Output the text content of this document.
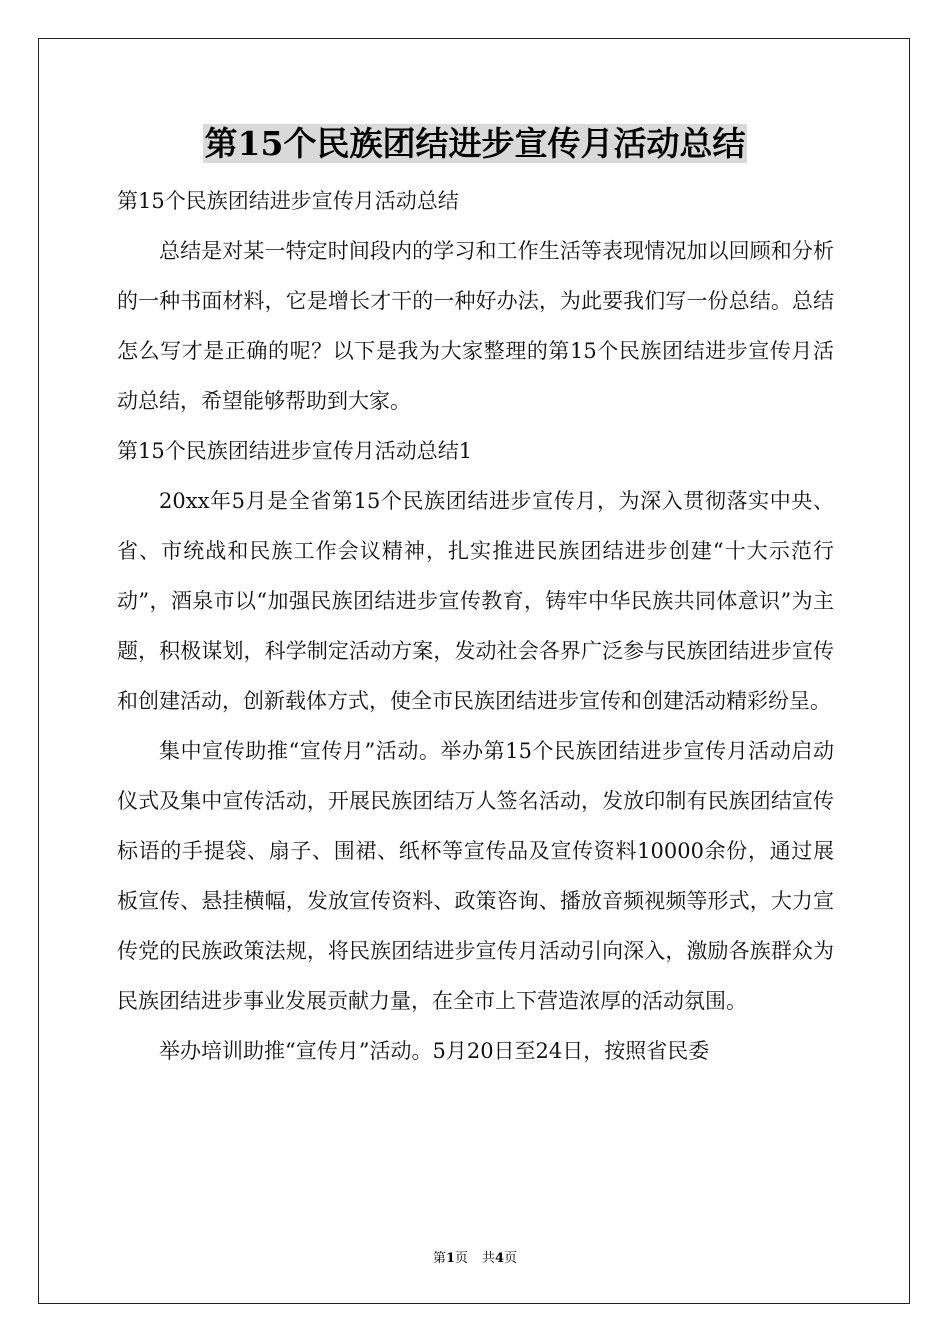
第15个民族团结进步宣传月活动总结

第15个民族团结进步宣传月活动总结

总结是对某一特定时间段内的学习和工作生活等表现情况加以回顾和分析的一种书面材料，它是增长才干的一种好办法，为此要我们写一份总结。总结怎么写才是正确的呢？以下是我为大家整理的第15个民族团结进步宣传月活动总结，希望能够帮助到大家。

第15个民族团结进步宣传月活动总结1

20xx年5月是全省第15个民族团结进步宣传月，为深入贯彻落实中央、省、市统战和民族工作会议精神，扎实推进民族团结进步创建“十大示范行动”，酒泉市以“加强民族团结进步宣传教育，铸牢中华民族共同体意识”为主题，积极谋划，科学制定活动方案，发动社会各界广泛参与民族团结进步宣传和创建活动，创新载体方式，使全市民族团结进步宣传和创建活动精彩纷呈。

集中宣传助推“宣传月”活动。举办第15个民族团结进步宣传月活动启动仪式及集中宣传活动，开展民族团结万人签名活动，发放印制有民族团结宣传标语的手提袋、扇子、围裙、纸杯等宣传品及宣传资料10000余份，通过展板宣传、悬挂横幅，发放宣传资料、政策咨询、播放音频视频等形式，大力宣传党的民族政策法规，将民族团结进步宣传月活动引向深入，激励各族群众为民族团结进步事业发展贡献力量，在全市上下营造浓厚的活动氛围。

举办培训助推“宣传月”活动。5月20日至24日，按照省民委

第1页 共4页
